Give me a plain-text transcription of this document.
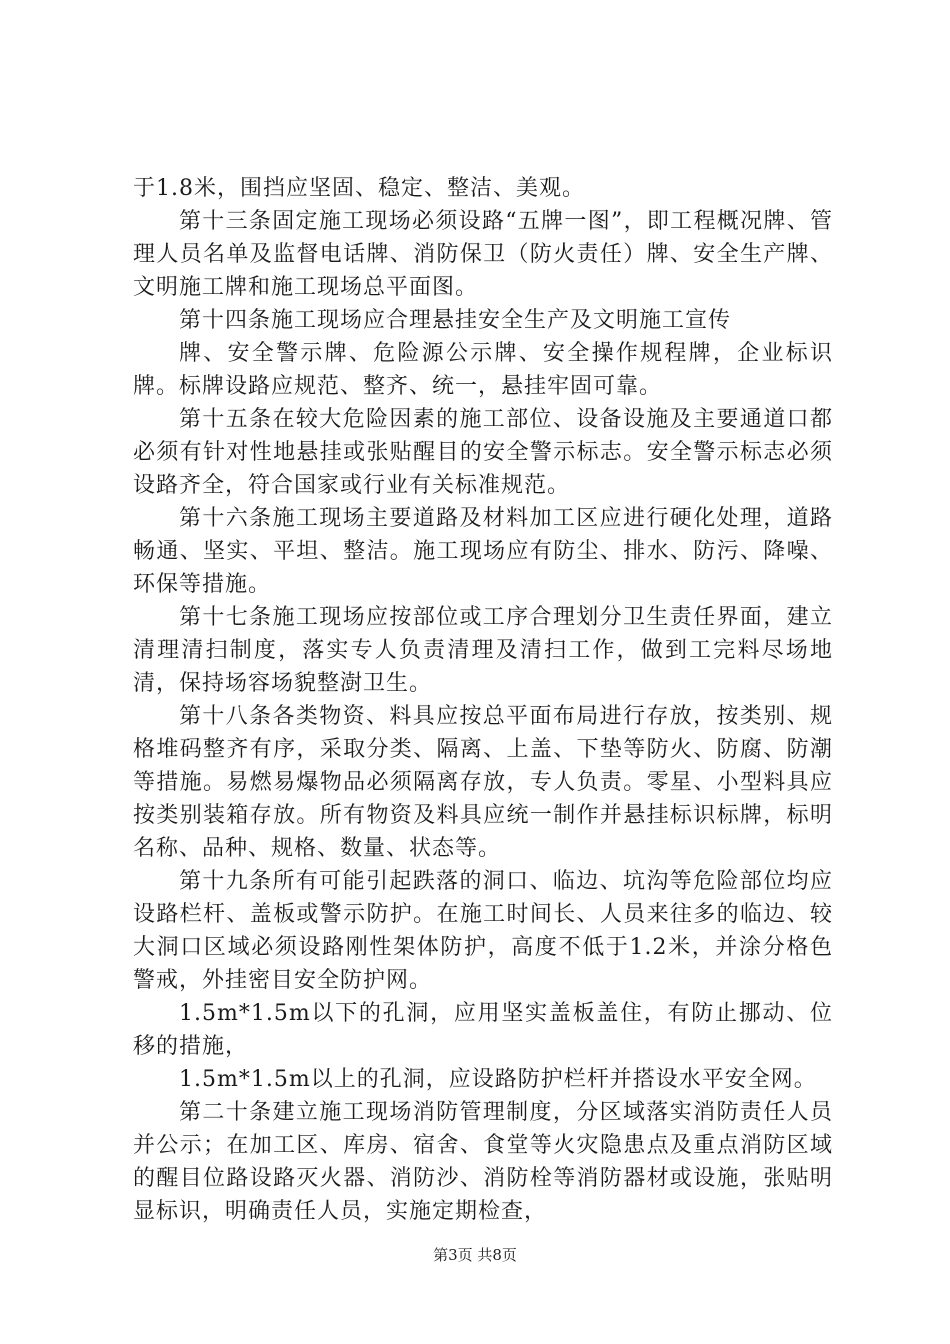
于1.8米，围挡应坚固、稳定、整洁、美观。

第十三条固定施工现场必须设路“五牌一图”，即工程概况牌、管理人员名单及监督电话牌、消防保卫（防火责任）牌、安全生产牌、文明施工牌和施工现场总平面图。

第十四条施工现场应合理悬挂安全生产及文明施工宣传

牌、安全警示牌、危险源公示牌、安全操作规程牌，企业标识牌。标牌设路应规范、整齐、统一，悬挂牢固可靠。

第十五条在较大危险因素的施工部位、设备设施及主要通道口都必须有针对性地悬挂或张贴醒目的安全警示标志。安全警示标志必须设路齐全，符合国家或行业有关标准规范。

第十六条施工现场主要道路及材料加工区应进行硬化处理，道路畅通、坚实、平坦、整洁。施工现场应有防尘、排水、防污、降噪、环保等措施。

第十七条施工现场应按部位或工序合理划分卫生责任界面，建立清理清扫制度，落实专人负责清理及清扫工作，做到工完料尽场地清，保持场容场貌整澍卫生。

第十八条各类物资、料具应按总平面布局进行存放，按类别、规格堆码整齐有序，采取分类、隔离、上盖、下垫等防火、防腐、防潮等措施。易燃易爆物品必须隔离存放，专人负责。零星、小型料具应按类别装箱存放。所有物资及料具应统一制作并悬挂标识标牌，标明名称、品种、规格、数量、状态等。

第十九条所有可能引起跌落的洞口、临边、坑沟等危险部位均应设路栏杆、盖板或警示防护。在施工时间长、人员来往多的临边、较大洞口区域必须设路刚性架体防护，高度不低于1.2米，并涂分格色警戒，外挂密目安全防护网。

1.5m*1.5m以下的孔洞，应用坚实盖板盖住，有防止挪动、位移的措施，

1.5m*1.5m以上的孔洞，应设路防护栏杆并搭设水平安全网。

第二十条建立施工现场消防管理制度，分区域落实消防责任人员并公示；在加工区、库房、宿舍、食堂等火灾隐患点及重点消防区域的醒目位路设路灭火器、消防沙、消防栓等消防器材或设施，张贴明显标识，明确责任人员，实施定期检查，

第3页 共8页
